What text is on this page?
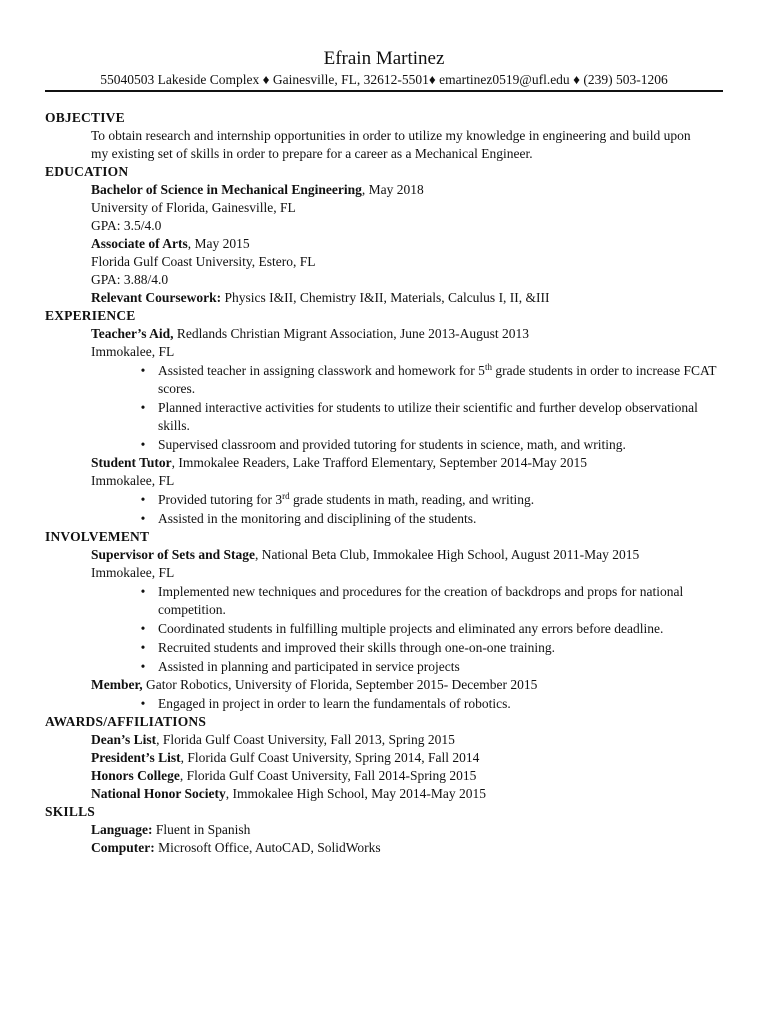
Efrain Martinez
55040503 Lakeside Complex ♦ Gainesville, FL, 32612-5501♦ emartinez0519@ufl.edu ♦ (239) 503-1206
OBJECTIVE
To obtain research and internship opportunities in order to utilize my knowledge in engineering and build upon my existing set of skills in order to prepare for a career as a Mechanical Engineer.
EDUCATION
Bachelor of Science in Mechanical Engineering, May 2018
University of Florida, Gainesville, FL
GPA: 3.5/4.0
Associate of Arts, May 2015
Florida Gulf Coast University, Estero, FL
GPA: 3.88/4.0
Relevant Coursework: Physics I&II, Chemistry I&II, Materials, Calculus I, II, &III
EXPERIENCE
Teacher’s Aid, Redlands Christian Migrant Association, June 2013-August 2013
Immokalee, FL
• Assisted teacher in assigning classwork and homework for 5th grade students in order to increase FCAT scores.
• Planned interactive activities for students to utilize their scientific and further develop observational skills.
• Supervised classroom and provided tutoring for students in science, math, and writing.
Student Tutor, Immokalee Readers, Lake Trafford Elementary, September 2014-May 2015
Immokalee, FL
• Provided tutoring for 3rd grade students in math, reading, and writing.
• Assisted in the monitoring and disciplining of the students.
INVOLVEMENT
Supervisor of Sets and Stage, National Beta Club, Immokalee High School, August 2011-May 2015
Immokalee, FL
• Implemented new techniques and procedures for the creation of backdrops and props for national competition.
• Coordinated students in fulfilling multiple projects and eliminated any errors before deadline.
• Recruited students and improved their skills through one-on-one training.
• Assisted in planning and participated in service projects
Member, Gator Robotics, University of Florida, September 2015- December 2015
• Engaged in project in order to learn the fundamentals of robotics.
AWARDS/AFFILIATIONS
Dean’s List, Florida Gulf Coast University, Fall 2013, Spring 2015
President’s List, Florida Gulf Coast University, Spring 2014, Fall 2014
Honors College, Florida Gulf Coast University, Fall 2014-Spring 2015
National Honor Society, Immokalee High School, May 2014-May 2015
SKILLS
Language: Fluent in Spanish
Computer: Microsoft Office, AutoCAD, SolidWorks
